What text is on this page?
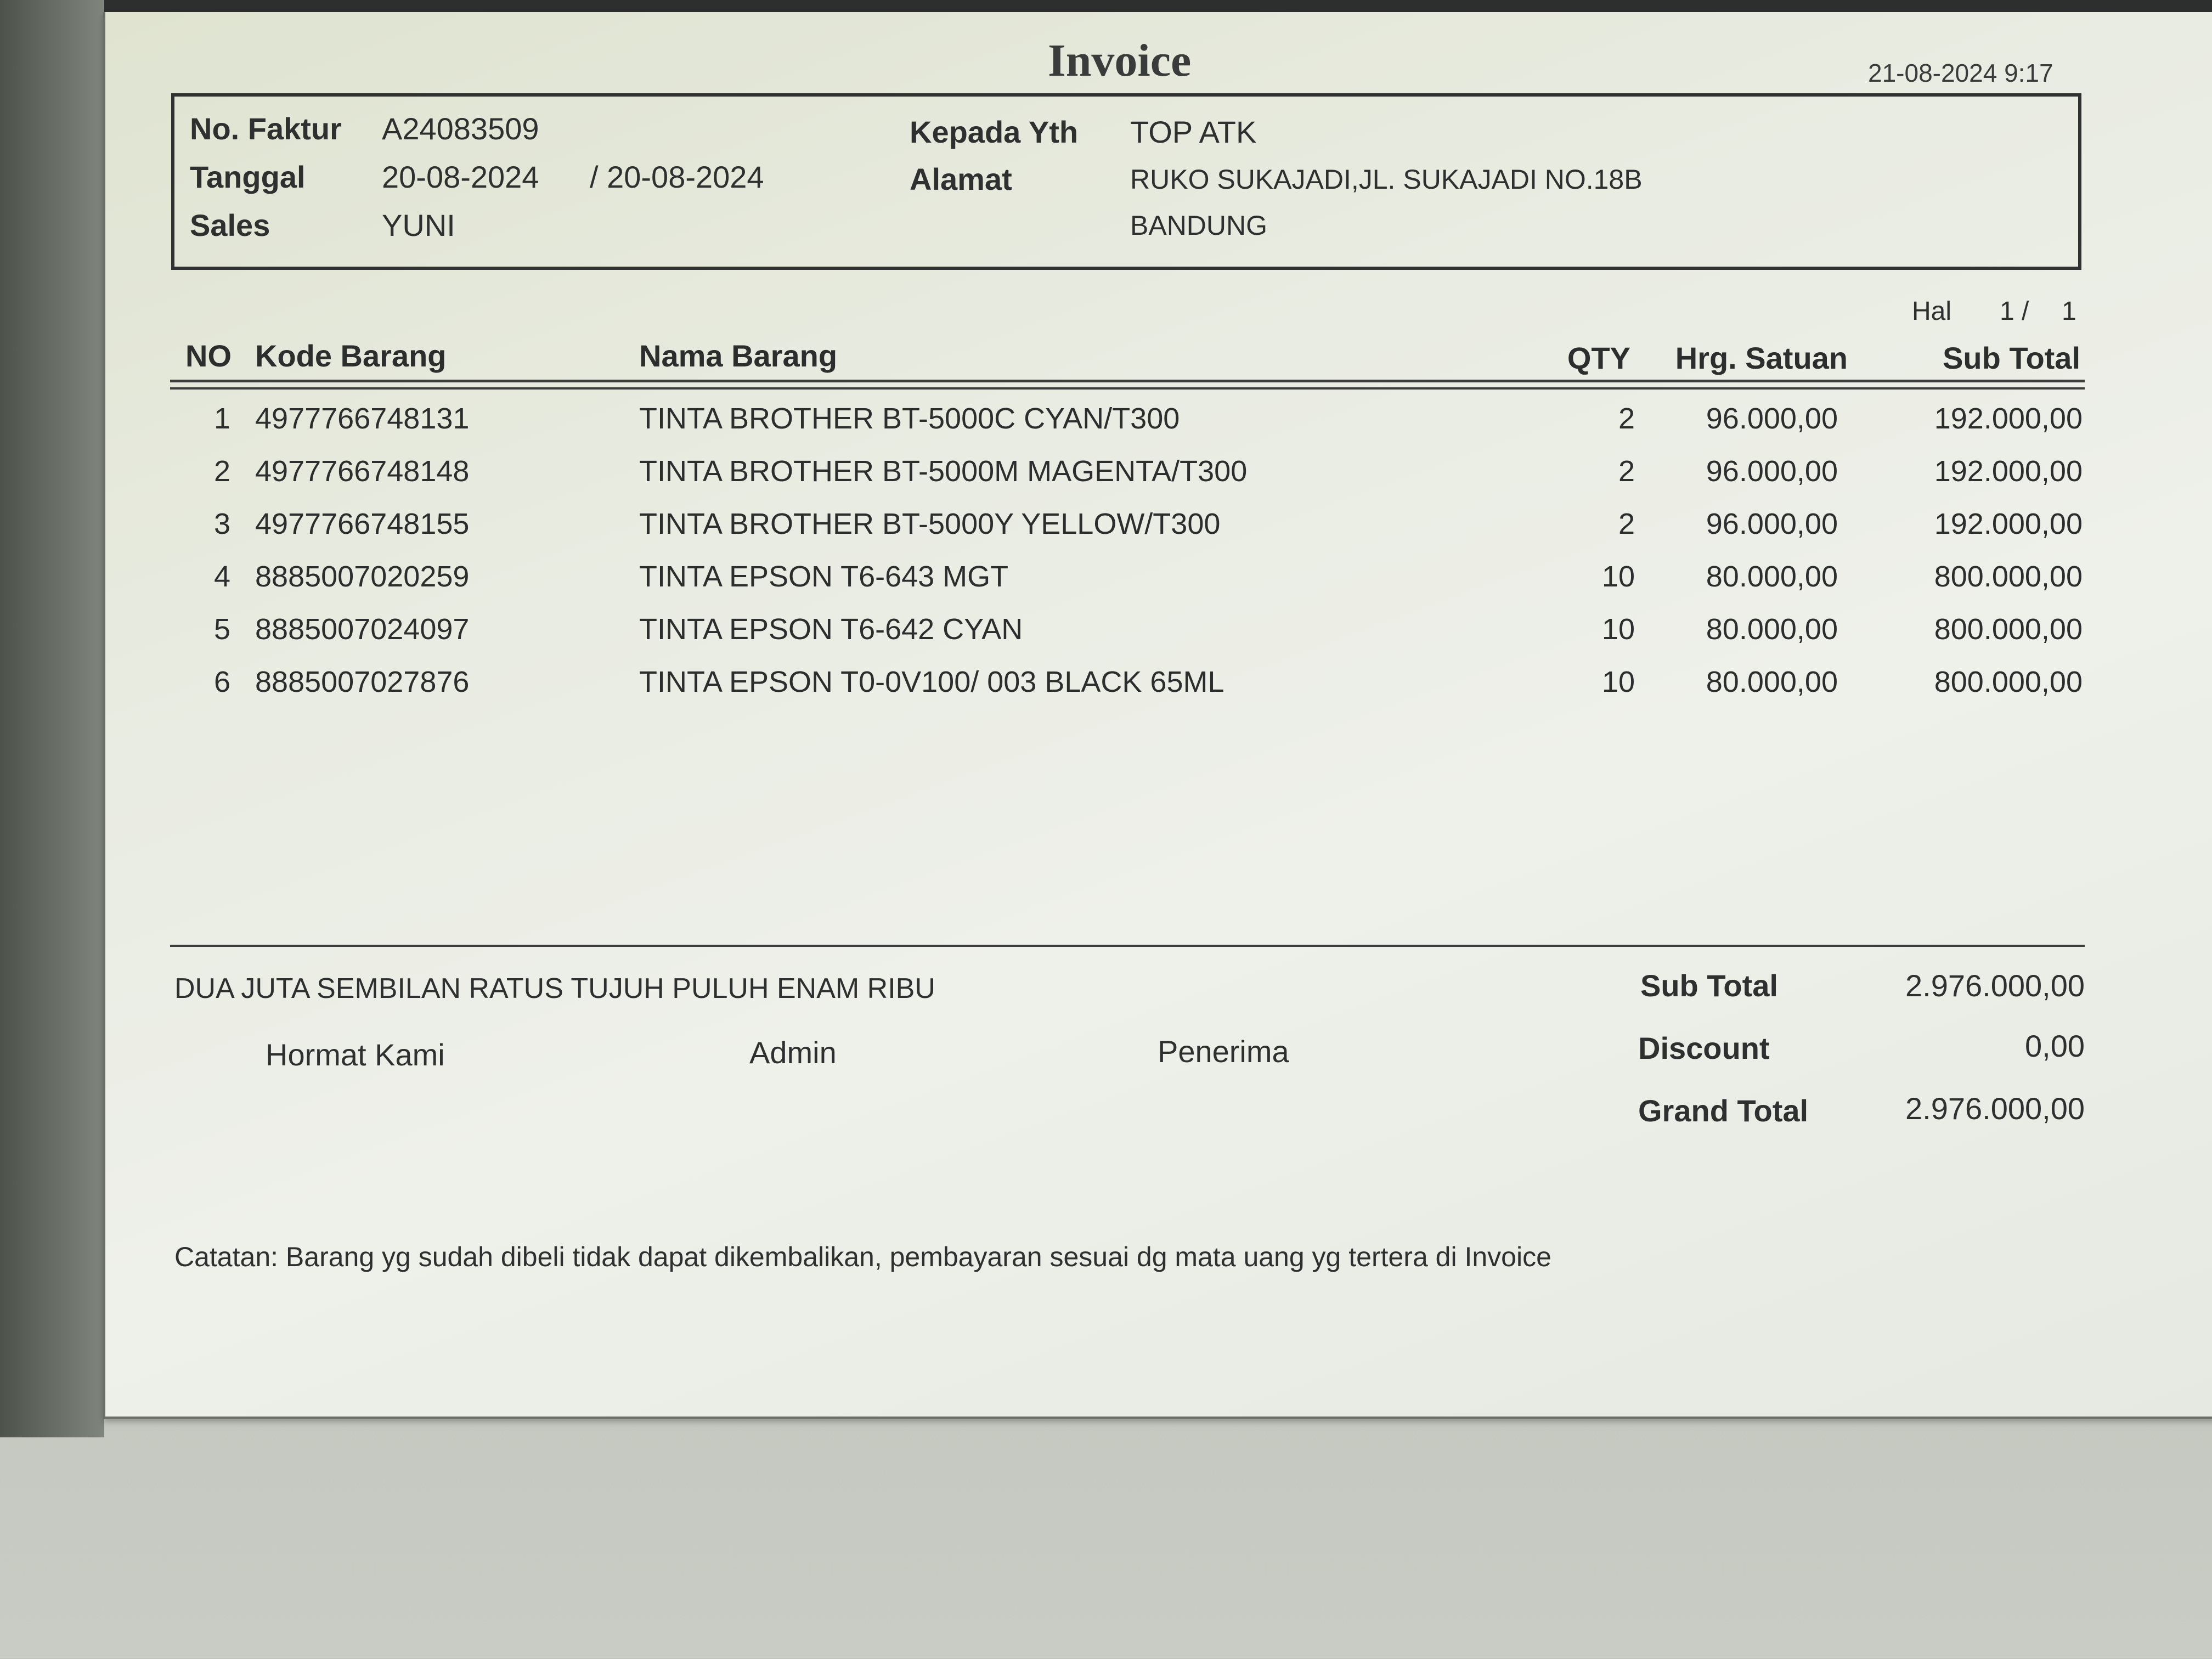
Invoice	21-08-2024 9:17
No. Faktur A24083509
Tanggal 20-08-2024 / 20-08-2024
Sales	YUNI
Kepada Yth TOP ATK
Alamat	RUKO SUKAJADI,JL. SUKAJADI NO.18B
BANDUNG
Hal 1 / 1
NO Kode Barang	Nama Barang	QTY	Hrg. Satuan	Sub Total
1 4977766748131	TINTA BROTHER BT-5000C CYAN/T300	2	96.000,00	192.000,00
2 4977766748148	TINTA BROTHER BT-5000M MAGENTA/T300	2	96.000,00	192.000,00
3 4977766748155	TINTA BROTHER BT-5000Y YELLOW/T300	2	96.000,00	192.000,00
4 8885007020259	TINTA EPSON T6-643 MGT	10	80.000,00	800.000,00
5 8885007024097	TINTA EPSON T6-642 CYAN	10	80.000,00	800.000,00
6 8885007027876	TINTA EPSON T0-0V100/ 003 BLACK 65ML	10	80.000,00	800.000,00
DUA JUTA SEMBILAN RATUS TUJUH PULUH ENAM RIBU	Sub Total	2.976.000,00
Discount	0,00
Grand Total	2.976.000,00
Hormat Kami	Admin	Penerima
Catatan: Barang yg sudah dibeli tidak dapat dikembalikan, pembayaran sesuai dg mata uang yg tertera di Invoice
